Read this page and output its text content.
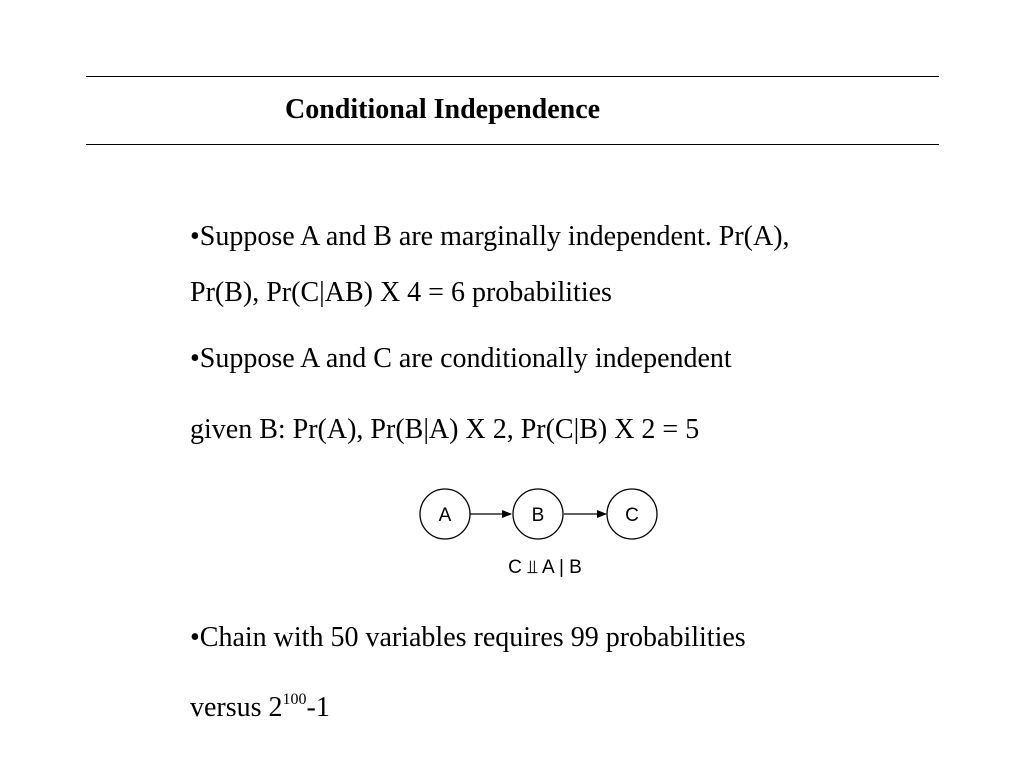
Conditional Independence
•Suppose A and B are marginally independent. Pr(A),
Pr(B), Pr(C|AB) X 4 = 6 probabilities
•Suppose A and C are conditionally independent
given B: Pr(A), Pr(B|A) X 2, Pr(C|B) X 2 = 5
A	B	C
C ⫫ A | B
•Chain with 50 variables requires 99 probabilities
versus $2^{100}-1$
